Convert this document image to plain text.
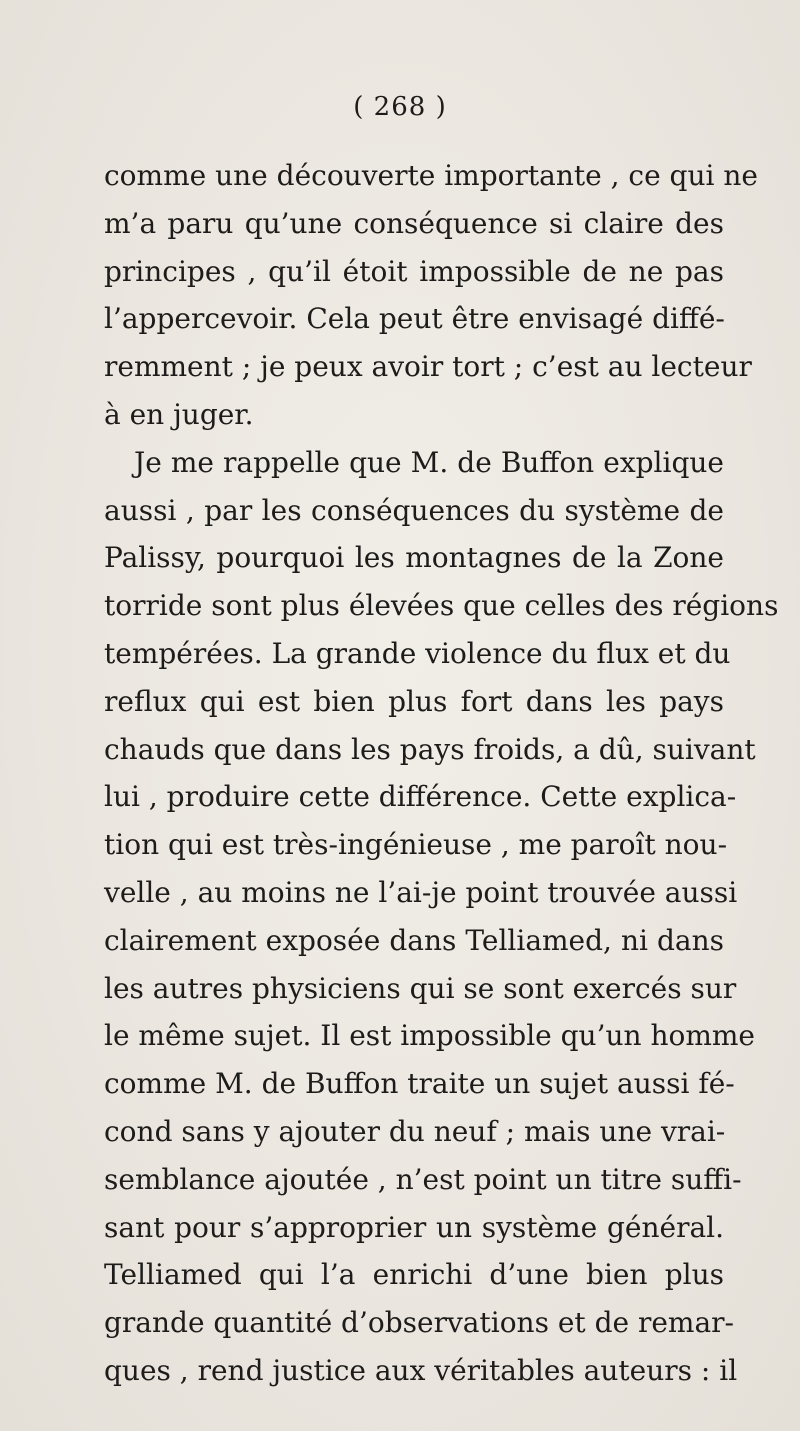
( 268 )
comme une découverte importante , ce qui ne
m’a paru qu’une conséquence si claire des
principes , qu’il étoit impossible de ne pas
l’appercevoir. Cela peut être envisagé diffé-
remment ; je peux avoir tort ; c’est au lecteur
à en juger.
Je me rappelle que M. de Buffon explique
aussi , par les conséquences du système de
Palissy, pourquoi les montagnes de la Zone
torride sont plus élevées que celles des régions
tempérées. La grande violence du flux et du
reflux qui est bien plus fort dans les pays
chauds que dans les pays froids, a dû, suivant
lui , produire cette différence. Cette explica-
tion qui est très-ingénieuse , me paroît nou-
velle , au moins ne l’ai-je point trouvée aussi
clairement exposée dans Telliamed, ni dans
les autres physiciens qui se sont exercés sur
le même sujet. Il est impossible qu’un homme
comme M. de Buffon traite un sujet aussi fé-
cond sans y ajouter du neuf ; mais une vrai-
semblance ajoutée , n’est point un titre suffi-
sant pour s’approprier un système général.
Telliamed qui l’a enrichi d’une bien plus
grande quantité d’observations et de remar-
ques , rend justice aux véritables auteurs : il
